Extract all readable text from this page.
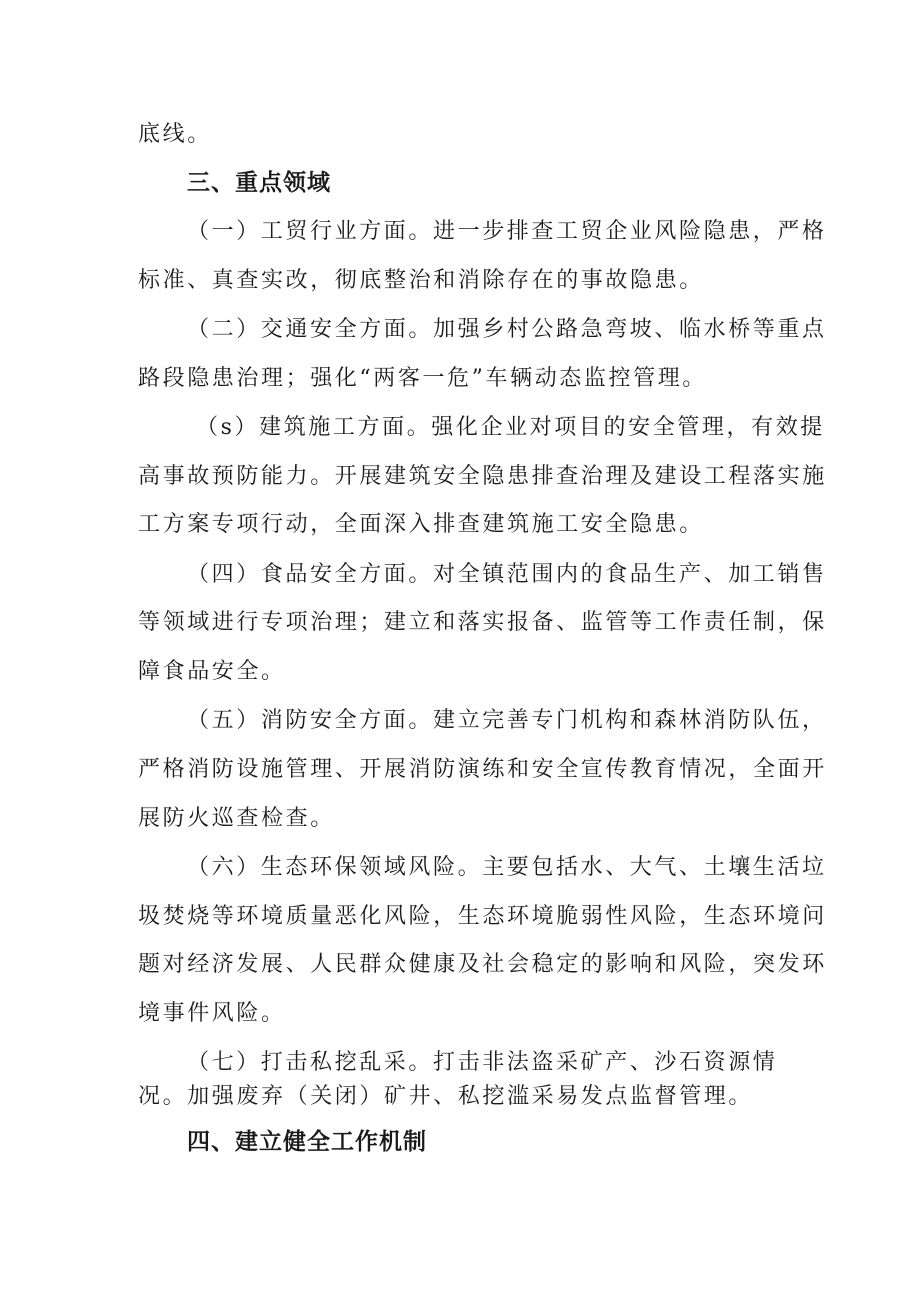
底线。
三、重点领域
（一）工贸行业方面。进一步排查工贸企业风险隐患，严格
标准、真查实改，彻底整治和消除存在的事故隐患。
（二）交通安全方面。加强乡村公路急弯坡、临水桥等重点
路段隐患治理；强化“两客一危”车辆动态监控管理。
（s）建筑施工方面。强化企业对项目的安全管理，有效提
高事故预防能力。开展建筑安全隐患排查治理及建设工程落实施
工方案专项行动，全面深入排查建筑施工安全隐患。
（四）食品安全方面。对全镇范围内的食品生产、加工销售
等领域进行专项治理；建立和落实报备、监管等工作责任制，保
障食品安全。
（五）消防安全方面。建立完善专门机构和森林消防队伍，
严格消防设施管理、开展消防演练和安全宣传教育情况，全面开
展防火巡查检查。
（六）生态环保领域风险。主要包括水、大气、土壤生活垃
圾焚烧等环境质量恶化风险，生态环境脆弱性风险，生态环境问
题对经济发展、人民群众健康及社会稳定的影响和风险，突发环
境事件风险。
（七）打击私挖乱采。打击非法盗采矿产、沙石资源情
况。加强废弃（关闭）矿井、私挖滥采易发点监督管理。
四、建立健全工作机制
